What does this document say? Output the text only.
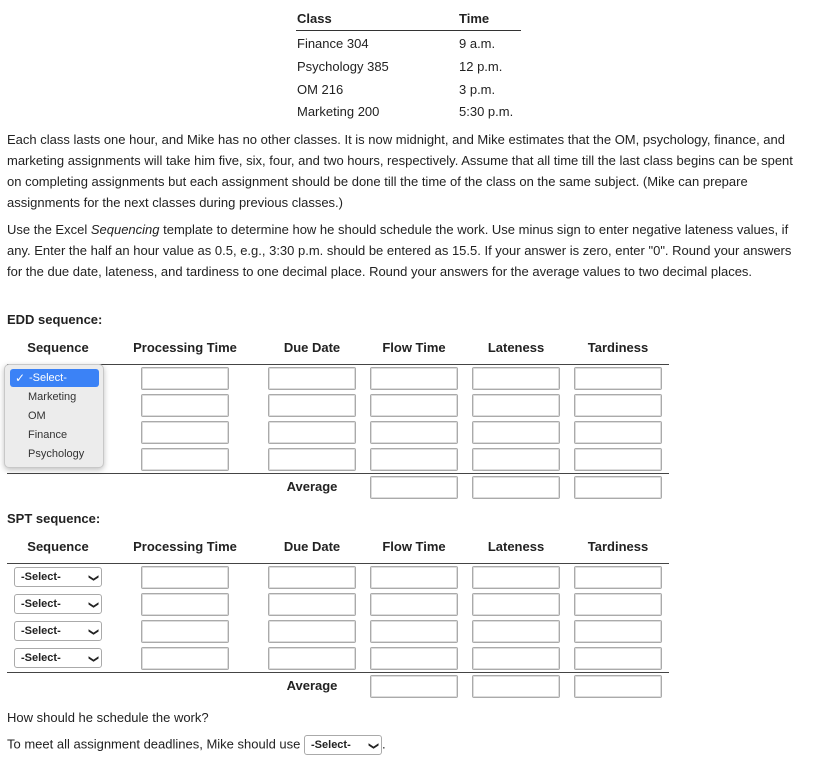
Class	Time
Finance 304	9 a.m.
Psychology 385	12 p.m.
OM 216	3 p.m.
Marketing 200	5:30 p.m.
Each class lasts one hour, and Mike has no other classes. It is now midnight, and Mike estimates that the OM, psychology, finance, and marketing assignments will take him five, six, four, and two hours, respectively. Assume that all time till the last class begins can be spent on completing assignments but each assignment should be done till the time of the class on the same subject. (Mike can prepare assignments for the next classes during previous classes.)
Use the Excel Sequencing template to determine how he should schedule the work. Use minus sign to enter negative lateness values, if any. Enter the half an hour value as 0.5, e.g., 3:30 p.m. should be entered as 15.5. If your answer is zero, enter "0". Round your answers for the due date, lateness, and tardiness to one decimal place. Round your answers for the average values to two decimal places.
EDD sequence:
Sequence	Processing Time	Due Date	Flow Time	Lateness	Tardiness
Average
✓ -Select-
Marketing
OM
Finance
Psychology
SPT sequence:
Sequence	Processing Time	Due Date	Flow Time	Lateness	Tardiness
-Select-	❯
-Select-	❯
-Select-	❯
-Select-	❯
Average
How should he schedule the work?
To meet all assignment deadlines, Mike should use -Select-	❯ .
